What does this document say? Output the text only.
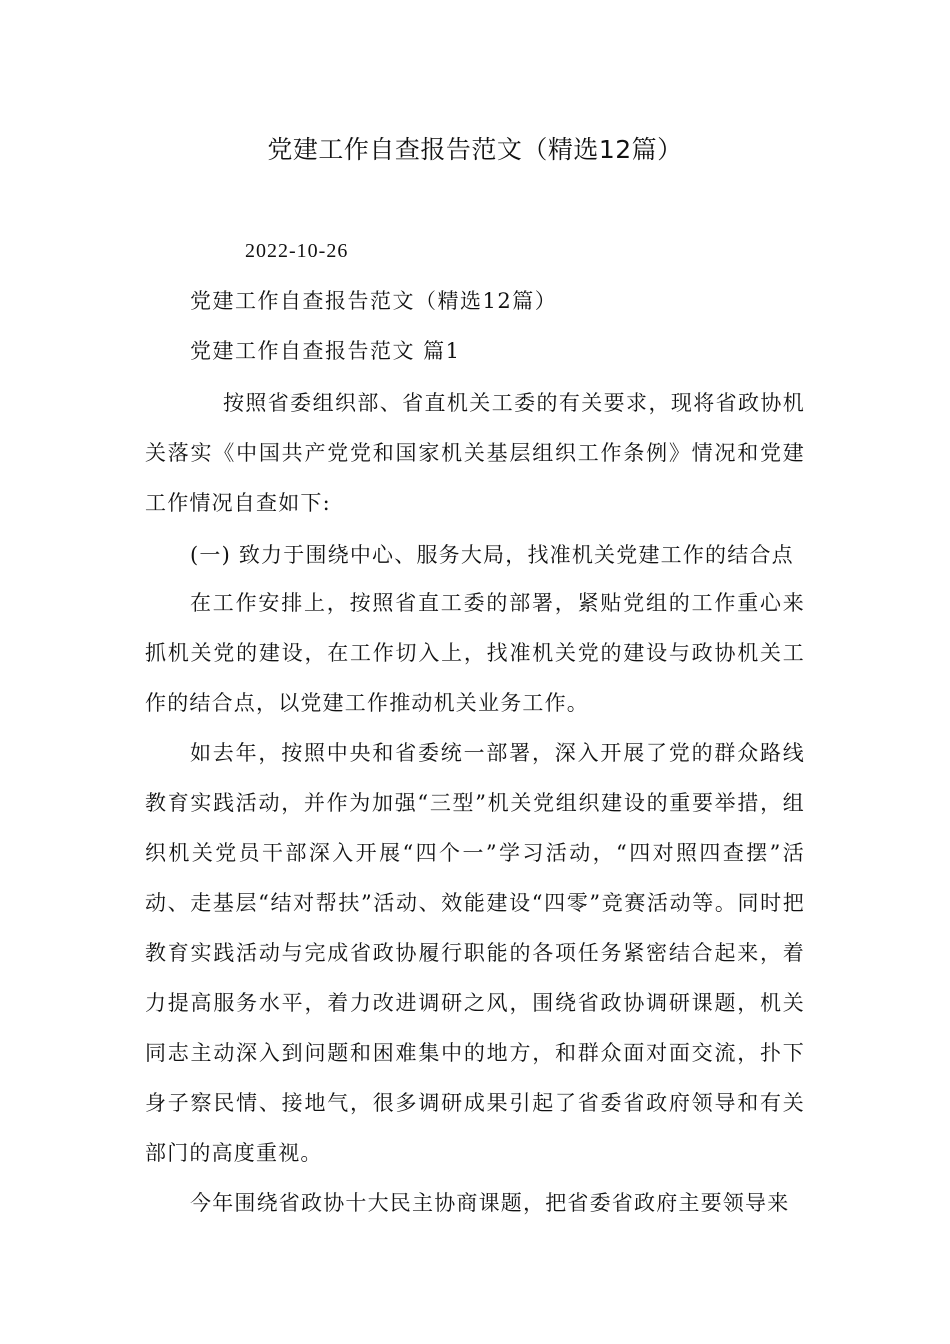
党建工作自查报告范文（精选12篇）
2022-10-26
党建工作自查报告范文（精选12篇）
党建工作自查报告范文 篇1

按照省委组织部、省直机关工委的有关要求，现将省政协机关落实《中国共产党党和国家机关基层组织工作条例》情况和党建工作情况自查如下:

(一) 致力于围绕中心、服务大局，找准机关党建工作的结合点

在工作安排上，按照省直工委的部署，紧贴党组的工作重心来抓机关党的建设，在工作切入上，找准机关党的建设与政协机关工作的结合点，以党建工作推动机关业务工作。

如去年，按照中央和省委统一部署，深入开展了党的群众路线教育实践活动，并作为加强“三型”机关党组织建设的重要举措，组织机关党员干部深入开展“四个一”学习活动，“四对照四查摆”活动、走基层“结对帮扶”活动、效能建设“四零”竞赛活动等。同时把教育实践活动与完成省政协履行职能的各项任务紧密结合起来，着力提高服务水平，着力改进调研之风，围绕省政协调研课题，机关同志主动深入到问题和困难集中的地方，和群众面对面交流，扑下身子察民情、接地气，很多调研成果引起了省委省政府领导和有关部门的高度重视。

今年围绕省政协十大民主协商课题，把省委省政府主要领导来
